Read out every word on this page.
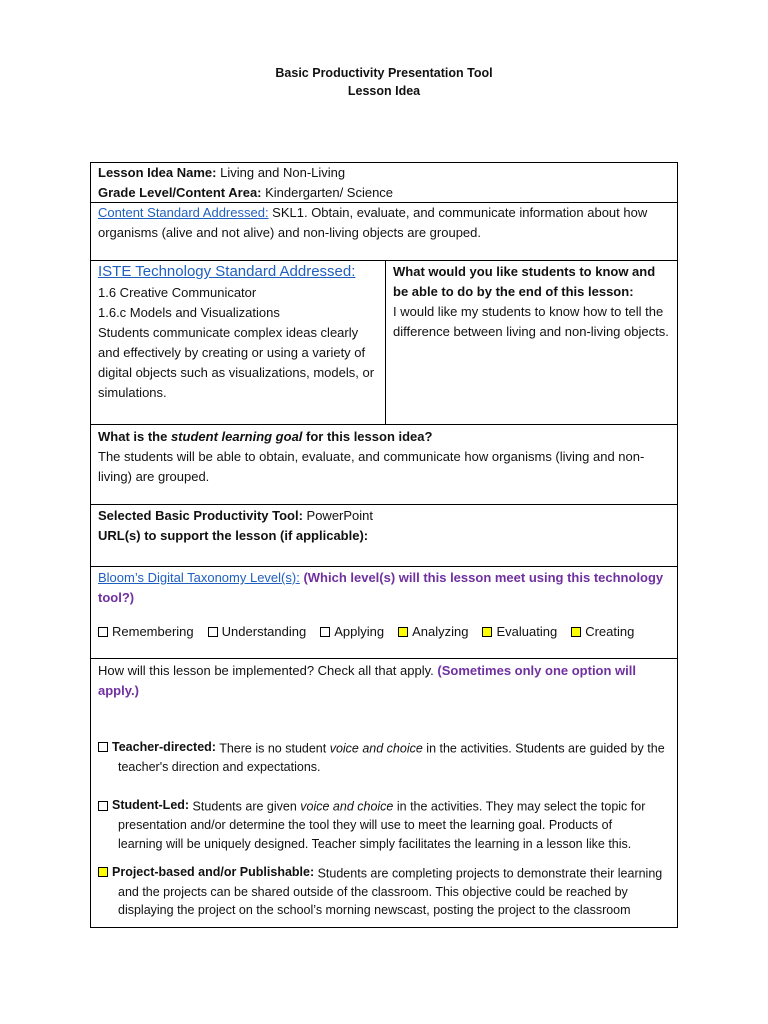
Basic Productivity Presentation Tool
Lesson Idea
Lesson Idea Name: Living and Non-Living
Grade Level/Content Area: Kindergarten/ Science
Content Standard Addressed: SKL1. Obtain, evaluate, and communicate information about how organisms (alive and not alive) and non-living objects are grouped.
ISTE Technology Standard Addressed:
1.6 Creative Communicator
1.6.c Models and Visualizations
Students communicate complex ideas clearly and effectively by creating or using a variety of digital objects such as visualizations, models, or simulations.
What would you like students to know and be able to do by the end of this lesson:
I would like my students to know how to tell the difference between living and non-living objects.
What is the student learning goal for this lesson idea?
The students will be able to obtain, evaluate, and communicate how organisms (living and non-living) are grouped.
Selected Basic Productivity Tool: PowerPoint
URL(s) to support the lesson (if applicable):
Bloom’s Digital Taxonomy Level(s): (Which level(s) will this lesson meet using this technology tool?)
Remembering Understanding Applying Analyzing Evaluating Creating
How will this lesson be implemented? Check all that apply. (Sometimes only one option will apply.)
Teacher-directed: There is no student voice and choice in the activities. Students are guided by the
teacher's direction and expectations.
Student-Led: Students are given voice and choice in the activities. They may select the topic for
presentation and/or determine the tool they will use to meet the learning goal. Products of
learning will be uniquely designed. Teacher simply facilitates the learning in a lesson like this.
Project-based and/or Publishable: Students are completing projects to demonstrate their learning
and the projects can be shared outside of the classroom. This objective could be reached by
displaying the project on the school’s morning newscast, posting the project to the classroom
